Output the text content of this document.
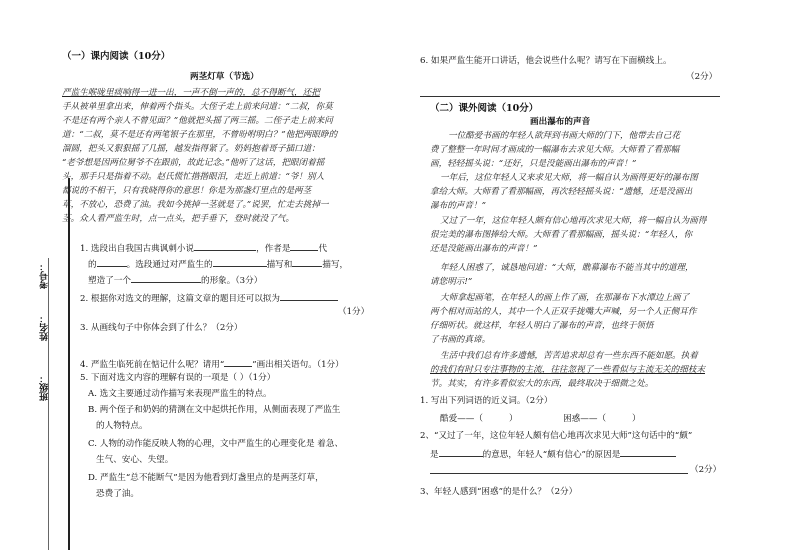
考号：
姓名：
班级：
（一）课内阅读（10分）
两茎灯草（节选）
严监生喉咙里痰响得一进一出，一声不倒一声的，总不得断气，还把
手从被单里拿出来，伸着两个指头。大侄子走上前来问道：“二叔，你莫
不是还有两个亲人不曾见面？”他就把头摇了两三摇。二侄子走上前来问
道：“二叔，莫不是还有两笔银子在那里，不曾吩咐明白？”他把两眼睁的
溜圆，把头又狠狠摇了几摇，越发指得紧了。奶妈抱着哥子插口道：
“老爷想是因两位舅爷不在跟前，故此记念。”他听了这话，把眼闭着摇
头，那手只是指着不动。赵氏慌忙揩揩眼泪，走近上前道：“爷！别人
都说的不相干，只有我晓得你的意思！你是为那盏灯里点的是两茎
草，不放心，恐费了油。我如今挑掉一茎就是了。”说罢，忙走去挑掉一
茎。众人看严监生时，点一点头，把手垂下，登时就没了气。
1. 选段出自我国古典讽刺小说	，作者是	代
的	。选段通过对严监生的	描写和	描写，
塑造了一个	的形象。（3分）
2. 根据你对选文的理解，这篇文章的题目还可以拟为
（1分）
3. 从画线句子中你体会到了什么？（2分）
4. 严监生临死前在惦记什么呢？请用“	”画出相关语句。（1分）
5. 下面对选文内容的理解有误的一项是（ ）（1分）
A. 选文主要通过动作描写来表现严监生的特点。
B. 两个侄子和奶妈的猜测在文中起烘托作用，从侧面表现了严监生
的人物特点。
C. 人物的动作能反映人物的心理，文中严监生的心理变化是 着急、
生气、安心、失望。
D. 严监生“总不能断气”是因为他看到灯盏里点的是两茎灯草，
恐费了油。
6. 如果严监生能开口讲话，他会说些什么呢？请写在下面横线上。
（2分）
（二）课外阅读（10分）
画出瀑布的声音
一位酷爱书画的年轻人欲拜到书画大师的门下，他带去自己花
费了整整一年时间才画成的一幅瀑布去求见大师。大师看了看那幅
画，轻轻摇头说：“还好，只是没能画出瀑布的声音！”
一年后，这位年轻人又来求见大师，将一幅自认为画得更好的瀑布图
拿给大师。大师看了看那幅画，再次轻轻摇头说：“遗憾，还是没画出
瀑布的声音！”
又过了一年，这位年轻人颇有信心地再次求见大师，将一幅自认为画得
很完美的瀑布图捧给大师。大师看了看那幅画，摇头说：“年轻人，你
还是没能画出瀑布的声音！”
年轻人困惑了，诚恳地问道：“大师，瞧幕瀑布不能当其中的道理，
请您明示!”
大师拿起画笔，在年轻人的画上作了画，在那瀑布下水潭边上画了
两个相对而站的人，其中一个人正双手拢嘴大声喊，另一个人正侧耳作
仔细听状。就这样，年轻人明白了瀑布的声音，也终于领悟
了书画的真谛。
生活中我们总有许多遗憾，苦苦追求却总有一些东西不能如愿。执着
的我们有时只专注事物的主流，往往忽视了一些看似与主流无关的细枝末
节。其实，有许多看似宏大的东西，最终取决于细微之处。
1. 写出下列词语的近义词。（2分）
酷爱——（	）	困惑——（	）
2、“又过了一年，这位年轻人颇有信心地再次求见大师”这句话中的“颇”
是	的意思，年轻人“颇有信心”的原因是
（2分）
3、年轻人感到“困惑”的是什么？（2分）
